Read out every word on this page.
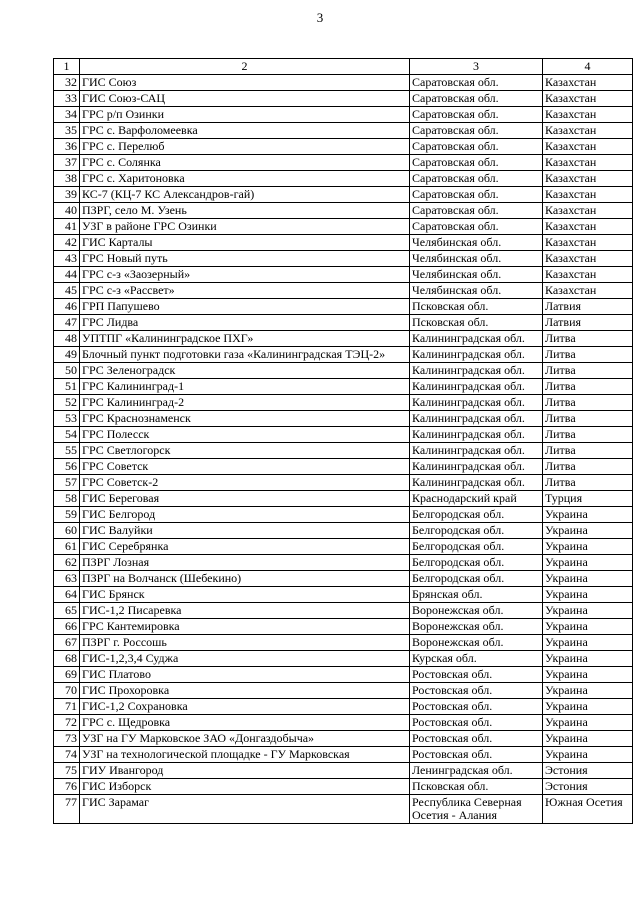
3
1	2	3	4
32	ГИС Союз	Саратовская обл.	Казахстан
33	ГИС Союз-САЦ	Саратовская обл.	Казахстан
34	ГРС р/п Озинки	Саратовская обл.	Казахстан
35	ГРС с. Варфоломеевка	Саратовская обл.	Казахстан
36	ГРС с. Перелюб	Саратовская обл.	Казахстан
37	ГРС с. Солянка	Саратовская обл.	Казахстан
38	ГРС с. Харитоновка	Саратовская обл.	Казахстан
39	КС-7 (КЦ-7 КС Александров-гай)	Саратовская обл.	Казахстан
40	ПЗРГ, село М. Узень	Саратовская обл.	Казахстан
41	УЗГ в районе ГРС Озинки	Саратовская обл.	Казахстан
42	ГИС Карталы	Челябинская обл.	Казахстан
43	ГРС Новый путь	Челябинская обл.	Казахстан
44	ГРС с-з «Заозерный»	Челябинская обл.	Казахстан
45	ГРС с-з «Рассвет»	Челябинская обл.	Казахстан
46	ГРП Папушево	Псковская обл.	Латвия
47	ГРС Лидва	Псковская обл.	Латвия
48	УПТПГ «Калининградское ПХГ»	Калининградская обл.	Литва
49	Блочный пункт подготовки газа «Калининградская ТЭЦ-2»	Калининградская обл.	Литва
50	ГРС Зеленоградск	Калининградская обл.	Литва
51	ГРС Калининград-1	Калининградская обл.	Литва
52	ГРС Калининград-2	Калининградская обл.	Литва
53	ГРС Краснознаменск	Калининградская обл.	Литва
54	ГРС Полесск	Калининградская обл.	Литва
55	ГРС Светлогорск	Калининградская обл.	Литва
56	ГРС Советск	Калининградская обл.	Литва
57	ГРС Советск-2	Калининградская обл.	Литва
58	ГИС Береговая	Краснодарский край	Турция
59	ГИС Белгород	Белгородская обл.	Украина
60	ГИС Валуйки	Белгородская обл.	Украина
61	ГИС Серебрянка	Белгородская обл.	Украина
62	ПЗРГ Лозная	Белгородская обл.	Украина
63	ПЗРГ на Волчанск (Шебекино)	Белгородская обл.	Украина
64	ГИС Брянск	Брянская обл.	Украина
65	ГИС-1,2 Писаревка	Воронежская обл.	Украина
66	ГРС Кантемировка	Воронежская обл.	Украина
67	ПЗРГ г. Россошь	Воронежская обл.	Украина
68	ГИС-1,2,3,4 Суджа	Курская обл.	Украина
69	ГИС Платово	Ростовская обл.	Украина
70	ГИС Прохоровка	Ростовская обл.	Украина
71	ГИС-1,2 Сохрановка	Ростовская обл.	Украина
72	ГРС с. Щедровка	Ростовская обл.	Украина
73	УЗГ на ГУ Марковское ЗАО «Донгаздобыча»	Ростовская обл.	Украина
74	УЗГ на технологической площадке - ГУ Марковская	Ростовская обл.	Украина
75	ГИУ Ивангород	Ленинградская обл.	Эстония
76	ГИС Изборск	Псковская обл.	Эстония
77	ГИС Зарамаг	Республика Северная Осетия - Алания	Южная Осетия
